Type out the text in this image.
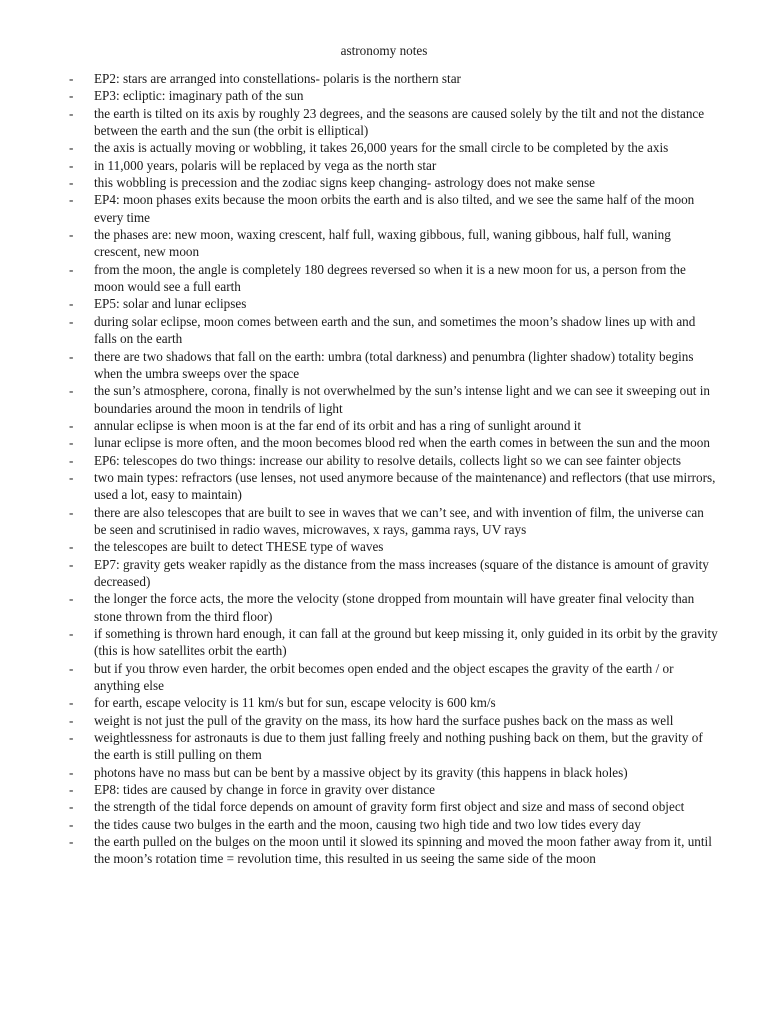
astronomy notes
- EP2: stars are arranged into constellations- polaris is the northern star
- EP3: ecliptic: imaginary path of the sun
- the earth is tilted on its axis by roughly 23 degrees, and the seasons are caused solely by the tilt and not the distance between the earth and the sun (the orbit is elliptical)
- the axis is actually moving or wobbling, it takes 26,000 years for the small circle to be completed by the axis
- in 11,000 years, polaris will be replaced by vega as the north star
- this wobbling is precession and the zodiac signs keep changing- astrology does not make sense
- EP4: moon phases exits because the moon orbits the earth and is also tilted, and we see the same half of the moon every time
- the phases are: new moon, waxing crescent, half full, waxing gibbous, full, waning gibbous, half full, waning crescent, new moon
- from the moon, the angle is completely 180 degrees reversed so when it is a new moon for us, a person from the moon would see a full earth
- EP5: solar and lunar eclipses
- during solar eclipse, moon comes between earth and the sun, and sometimes the moon’s shadow lines up with and falls on the earth
- there are two shadows that fall on the earth: umbra (total darkness) and penumbra (lighter shadow) totality begins when the umbra sweeps over the space
- the sun’s atmosphere, corona, finally is not overwhelmed by the sun’s intense light and we can see it sweeping out in boundaries around the moon in tendrils of light
- annular eclipse is when moon is at the far end of its orbit and has a ring of sunlight around it
- lunar eclipse is more often, and the moon becomes blood red when the earth comes in between the sun and the moon
- EP6: telescopes do two things: increase our ability to resolve details, collects light so we can see fainter objects
- two main types: refractors (use lenses, not used anymore because of the maintenance) and reflectors (that use mirrors, used a lot, easy to maintain)
- there are also telescopes that are built to see in waves that we can’t see, and with invention of film, the universe can be seen and scrutinised in radio waves, microwaves, x rays, gamma rays, UV rays
- the telescopes are built to detect THESE type of waves
- EP7: gravity gets weaker rapidly as the distance from the mass increases (square of the distance is amount of gravity decreased)
- the longer the force acts, the more the velocity (stone dropped from mountain will have greater final velocity than stone thrown from the third floor)
- if something is thrown hard enough, it can fall at the ground but keep missing it, only guided in its orbit by the gravity (this is how satellites orbit the earth)
- but if you throw even harder, the orbit becomes open ended and the object escapes the gravity of the earth / or anything else
- for earth, escape velocity is 11 km/s but for sun, escape velocity is 600 km/s
- weight is not just the pull of the gravity on the mass, its how hard the surface pushes back on the mass as well
- weightlessness for astronauts is due to them just falling freely and nothing pushing back on them, but the gravity of the earth is still pulling on them
- photons have no mass but can be bent by a massive object by its gravity (this happens in black holes)
- EP8: tides are caused by change in force in gravity over distance
- the strength of the tidal force depends on amount of gravity form first object and size and mass of second object
- the tides cause two bulges in the earth and the moon, causing two high tide and two low tides every day
- the earth pulled on the bulges on the moon until it slowed its spinning and moved the moon father away from it, until the moon’s rotation time = revolution time, this resulted in us seeing the same side of the moon
